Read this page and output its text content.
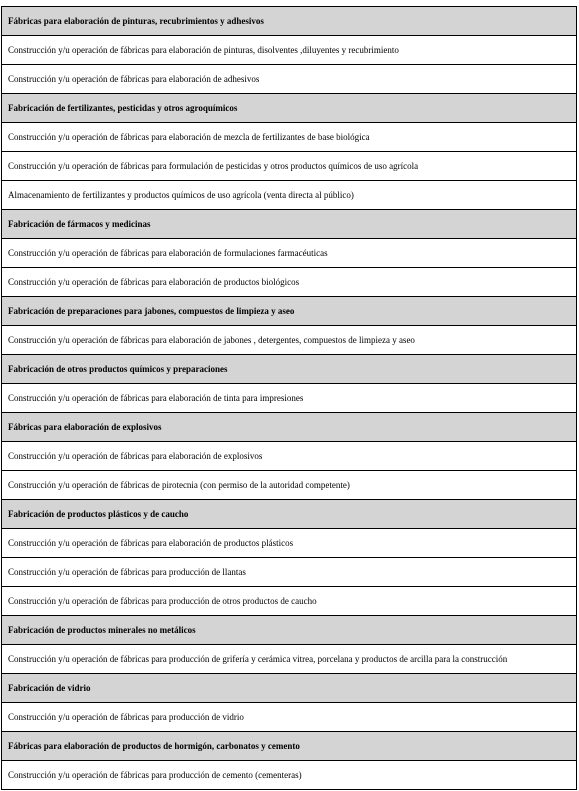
Fábricas para elaboración de pinturas, recubrimientos y adhesivos
Construcción y/u operación de fábricas para elaboración de pinturas, disolventes ,diluyentes y recubrimiento
Construcción y/u operación de fábricas para elaboración de adhesivos
Fabricación de fertilizantes, pesticidas y otros agroquímicos
Construcción y/u operación de fábricas para elaboración de mezcla de fertilizantes de base biológica
Construcción y/u operación de fábricas para formulación de pesticidas y otros productos químicos de uso agrícola
Almacenamiento de fertilizantes y productos químicos de uso agrícola (venta directa al público)
Fabricación de fármacos y medicinas
Construcción y/u operación de fábricas para elaboración de formulaciones farmacéuticas
Construcción y/u operación de fábricas para elaboración de productos biológicos
Fabricación de preparaciones para jabones, compuestos de limpieza y aseo
Construcción y/u operación de fábricas para elaboración de jabones , detergentes, compuestos de limpieza y aseo
Fabricación de otros productos químicos y preparaciones
Construcción y/u operación de fábricas para elaboración de tinta para impresiones
Fábricas para elaboración de explosivos
Construcción y/u operación de fábricas para elaboración de explosivos
Construcción y/u operación de fábricas de pirotecnia (con permiso de la autoridad competente)
Fabricación de productos plásticos y de caucho
Construcción y/u operación de fábricas para elaboración de productos plásticos
Construcción y/u operación de fábricas para producción de llantas
Construcción y/u operación de fábricas para producción de otros productos de caucho
Fabricación de productos minerales no metálicos
Construcción y/u operación de fábricas para producción de grifería y cerámica vitrea, porcelana y productos de arcilla para la construcción
Fabricación de vidrio
Construcción y/u operación de fábricas para producción de vidrio
Fábricas para elaboración de productos de hormigón, carbonatos y cemento
Construcción y/u operación de fábricas para producción de cemento (cementeras)
